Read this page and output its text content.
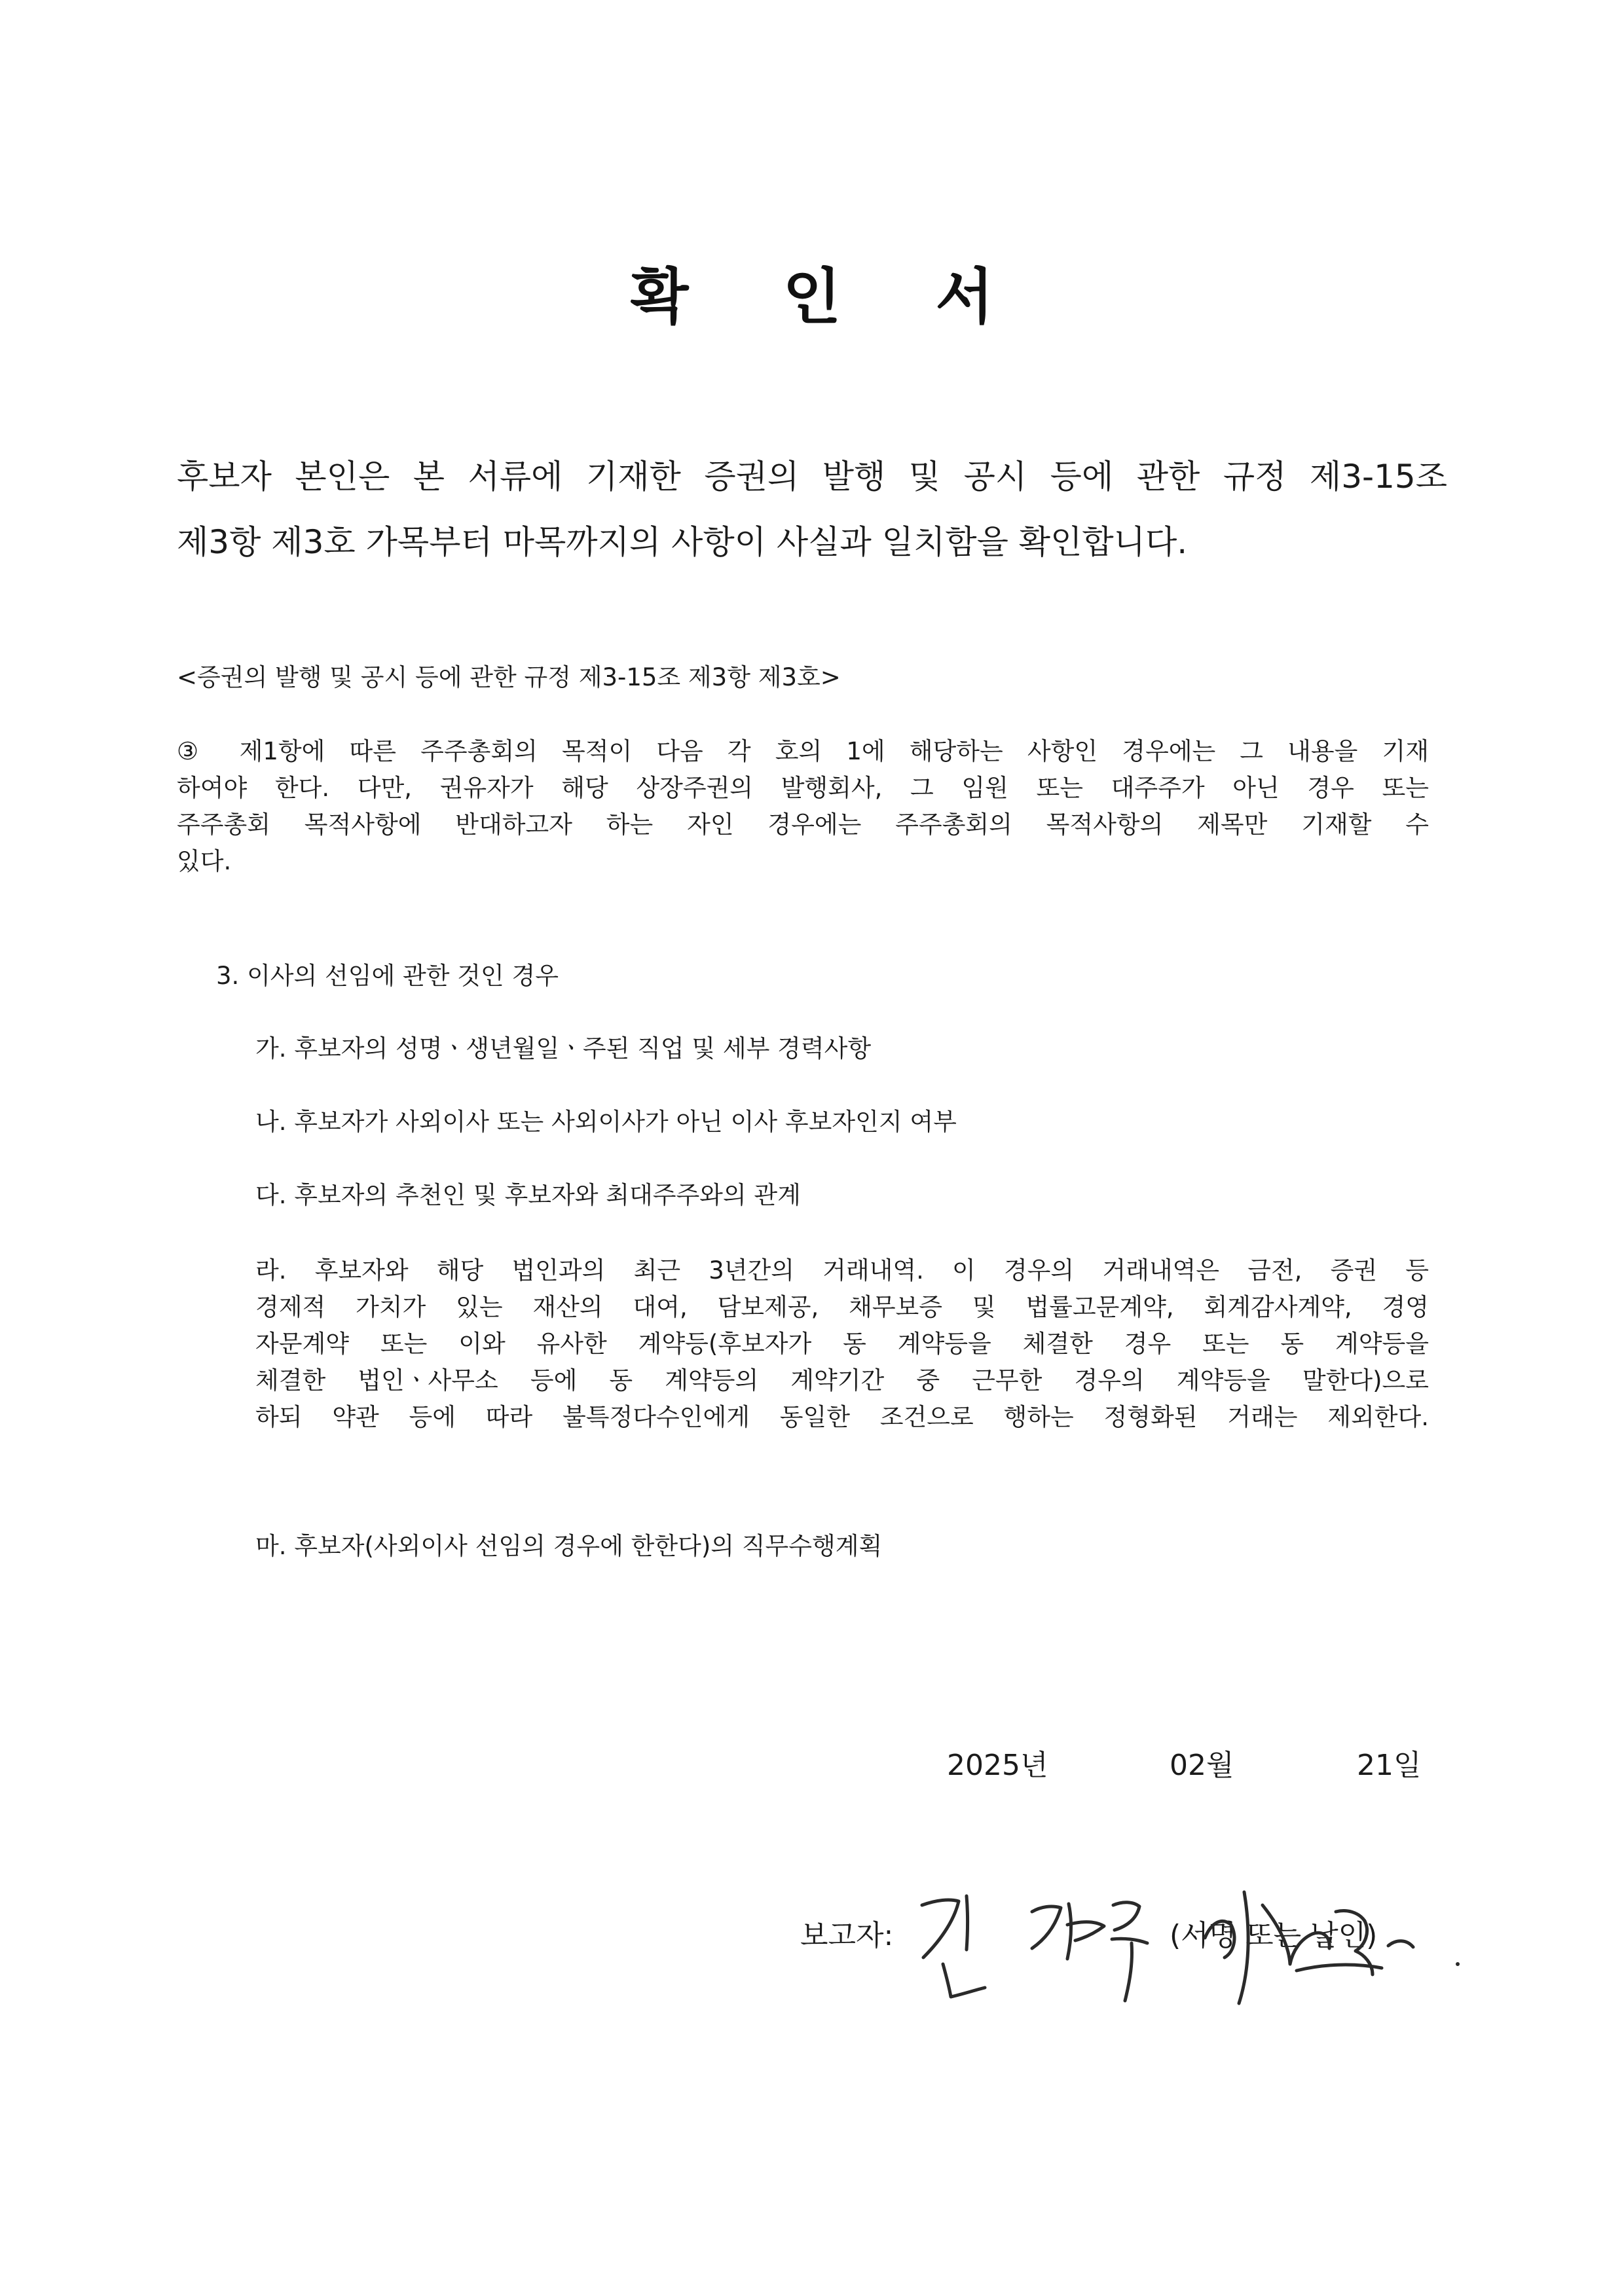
확 인 서
후보자 본인은 본 서류에 기재한 증권의 발행 및 공시 등에 관한 규정 제3-15조
제3항 제3호 가목부터 마목까지의 사항이 사실과 일치함을 확인합니다.
<증권의 발행 및 공시 등에 관한 규정 제3-15조 제3항 제3호>
③ 제1항에 따른 주주총회의 목적이 다음 각 호의 1에 해당하는 사항인 경우에는 그 내용을 기재
하여야 한다. 다만, 권유자가 해당 상장주권의 발행회사, 그 임원 또는 대주주가 아닌 경우 또는
주주총회 목적사항에 반대하고자 하는 자인 경우에는 주주총회의 목적사항의 제목만 기재할 수
있다.
3. 이사의 선임에 관한 것인 경우
가. 후보자의 성명ㆍ생년월일ㆍ주된 직업 및 세부 경력사항
나. 후보자가 사외이사 또는 사외이사가 아닌 이사 후보자인지 여부
다. 후보자의 추천인 및 후보자와 최대주주와의 관계
라. 후보자와 해당 법인과의 최근 3년간의 거래내역. 이 경우의 거래내역은 금전, 증권 등
경제적 가치가 있는 재산의 대여, 담보제공, 채무보증 및 법률고문계약, 회계감사계약, 경영
자문계약 또는 이와 유사한 계약등(후보자가 동 계약등을 체결한 경우 또는 동 계약등을
체결한 법인ㆍ사무소 등에 동 계약등의 계약기간 중 근무한 경우의 계약등을 말한다)으로
하되 약관 등에 따라 불특정다수인에게 동일한 조건으로 행하는 정형화된 거래는 제외한다.
마. 후보자(사외이사 선임의 경우에 한한다)의 직무수행계획
2025년	02월	21일
보고자:	(서명 또는 날인)
